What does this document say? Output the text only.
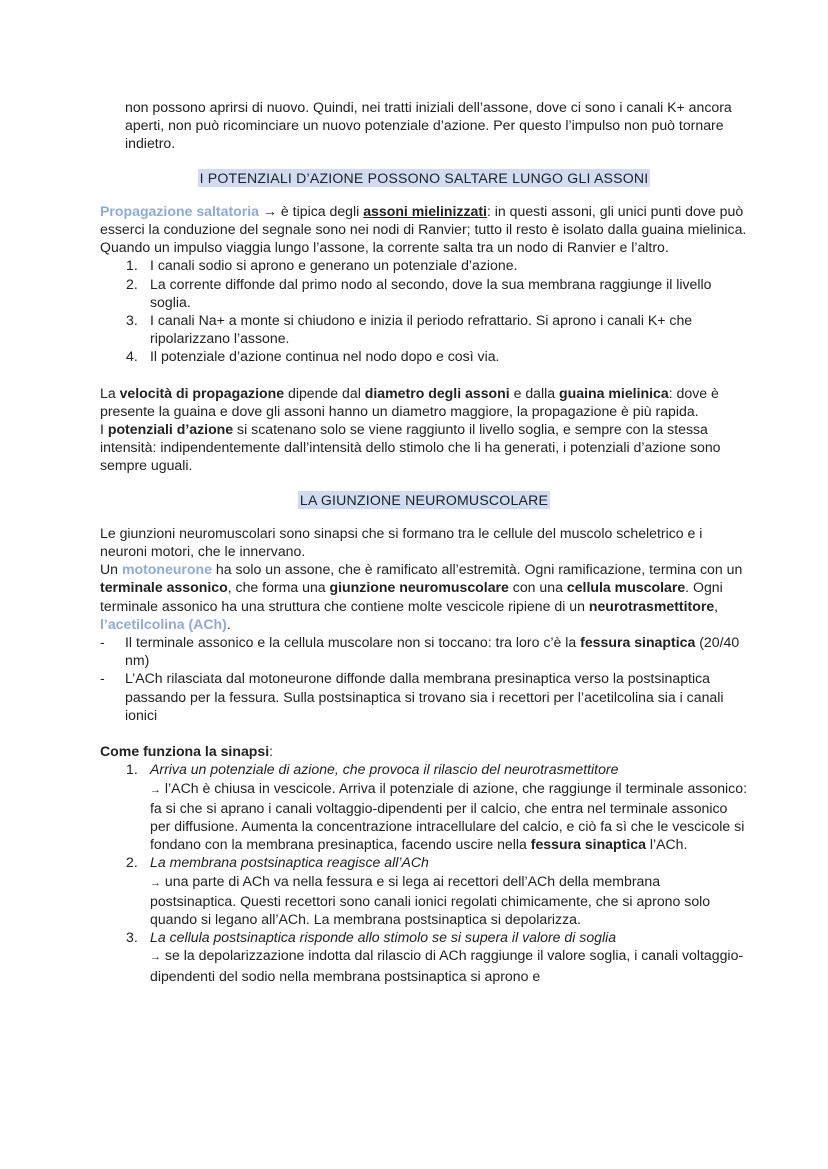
non possono aprirsi di nuovo. Quindi, nei tratti iniziali dell’assone, dove ci sono i canali K+ ancora aperti, non può ricominciare un nuovo potenziale d’azione. Per questo l’impulso non può tornare indietro.

I POTENZIALI D’AZIONE POSSONO SALTARE LUNGO GLI ASSONI

Propagazione saltatoria → è tipica degli assoni mielinizzati: in questi assoni, gli unici punti dove può esserci la conduzione del segnale sono nei nodi di Ranvier; tutto il resto è isolato dalla guaina mielinica.

Quando un impulso viaggia lungo l’assone, la corrente salta tra un nodo di Ranvier e l’altro.

1. I canali sodio si aprono e generano un potenziale d’azione.
2. La corrente diffonde dal primo nodo al secondo, dove la sua membrana raggiunge il livello soglia.
3. I canali Na+ a monte si chiudono e inizia il periodo refrattario. Si aprono i canali K+ che ripolarizzano l’assone.
4. Il potenziale d’azione continua nel nodo dopo e così via.

La velocità di propagazione dipende dal diametro degli assoni e dalla guaina mielinica: dove è presente la guaina e dove gli assoni hanno un diametro maggiore, la propagazione è più rapida.

I potenziali d’azione si scatenano solo se viene raggiunto il livello soglia, e sempre con la stessa intensità: indipendentemente dall’intensità dello stimolo che li ha generati, i potenziali d’azione sono sempre uguali.

LA GIUNZIONE NEUROMUSCOLARE

Le giunzioni neuromuscolari sono sinapsi che si formano tra le cellule del muscolo scheletrico e i neuroni motori, che le innervano.

Un motoneurone ha solo un assone, che è ramificato all’estremità. Ogni ramificazione, termina con un terminale assonico, che forma una giunzione neuromuscolare con una cellula muscolare. Ogni terminale assonico ha una struttura che contiene molte vescicole ripiene di un neurotrasmettitore, l’acetilcolina (ACh).

- Il terminale assonico e la cellula muscolare non si toccano: tra loro c’è la fessura sinaptica (20/40 nm)
- L’ACh rilasciata dal motoneurone diffonde dalla membrana presinaptica verso la postsinaptica passando per la fessura. Sulla postsinaptica si trovano sia i recettori per l’acetilcolina sia i canali ionici

Come funziona la sinapsi:

1. Arriva un potenziale di azione, che provoca il rilascio del neurotrasmettitore
→ l’ACh è chiusa in vescicole. Arriva il potenziale di azione, che raggiunge il terminale assonico: fa si che si aprano i canali voltaggio-dipendenti per il calcio, che entra nel terminale assonico per diffusione. Aumenta la concentrazione intracellulare del calcio, e ciò fa sì che le vescicole si fondano con la membrana presinaptica, facendo uscire nella fessura sinaptica l’ACh.
2. La membrana postsinaptica reagisce all’ACh
→ una parte di ACh va nella fessura e si lega ai recettori dell’ACh della membrana postsinaptica. Questi recettori sono canali ionici regolati chimicamente, che si aprono solo quando si legano all’ACh. La membrana postsinaptica si depolarizza.
3. La cellula postsinaptica risponde allo stimolo se si supera il valore di soglia
→ se la depolarizzazione indotta dal rilascio di ACh raggiunge il valore soglia, i canali voltaggio-dipendenti del sodio nella membrana postsinaptica si aprono e
